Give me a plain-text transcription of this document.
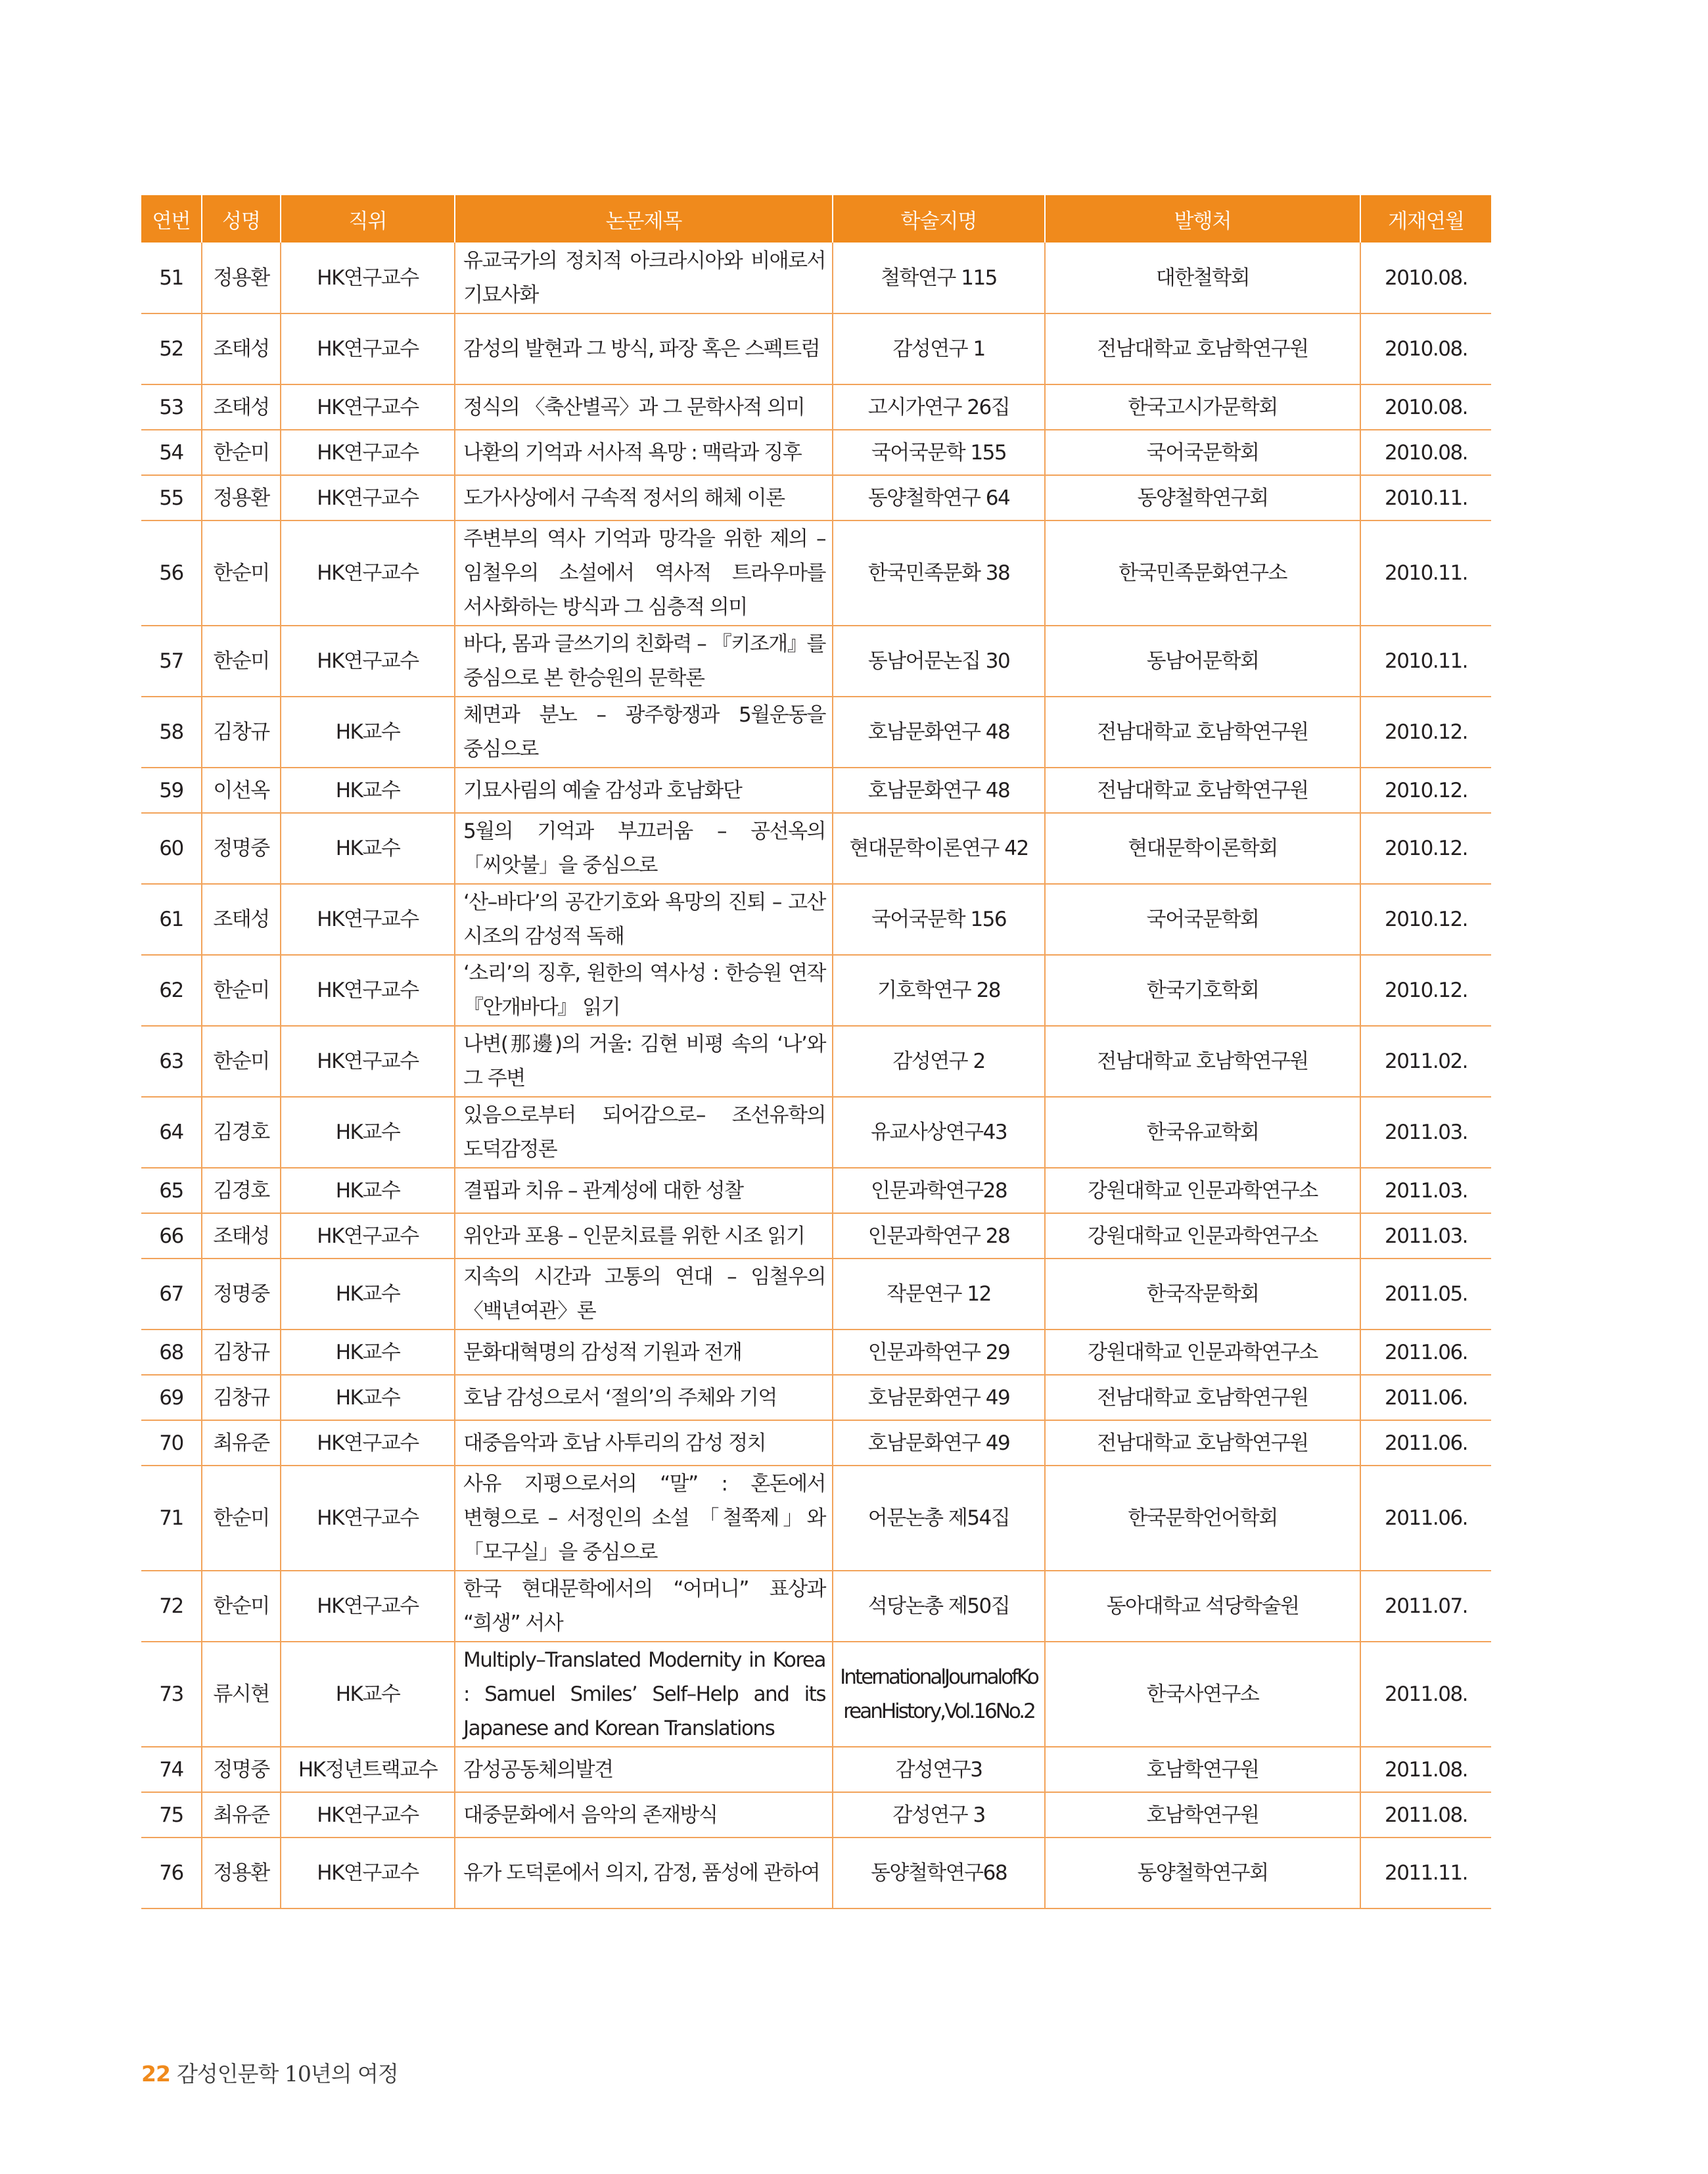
연번	성명	직위	논문제목	학술지명	발행처	게재연월
51	정용환	HK연구교수	유교국가의 정치적 아크라시아와 비애로서 기묘사화	철학연구 115	대한철학회	2010.08.
52	조태성	HK연구교수	감성의 발현과 그 방식, 파장 혹은 스펙트럼	감성연구 1	전남대학교 호남학연구원	2010.08.
53	조태성	HK연구교수	정식의 〈축산별곡〉과 그 문학사적 의미	고시가연구 26집	한국고시가문학회	2010.08.
54	한순미	HK연구교수	나환의 기억과 서사적 욕망 : 맥락과 징후	국어국문학 155	국어국문학회	2010.08.
55	정용환	HK연구교수	도가사상에서 구속적 정서의 해체 이론	동양철학연구 64	동양철학연구회	2010.11.
56	한순미	HK연구교수	주변부의 역사 기억과 망각을 위한 제의 – 임철우의 소설에서 역사적 트라우마를 서사화하는 방식과 그 심층적 의미	한국민족문화 38	한국민족문화연구소	2010.11.
57	한순미	HK연구교수	바다, 몸과 글쓰기의 친화력 – 『키조개』를 중심으로 본 한승원의 문학론	동남어문논집 30	동남어문학회	2010.11.
58	김창규	HK교수	체면과 분노 – 광주항쟁과 5월운동을 중심으로	호남문화연구 48	전남대학교 호남학연구원	2010.12.
59	이선옥	HK교수	기묘사림의 예술 감성과 호남화단	호남문화연구 48	전남대학교 호남학연구원	2010.12.
60	정명중	HK교수	5월의 기억과 부끄러움 – 공선옥의 「씨앗불」을 중심으로	현대문학이론연구 42	현대문학이론학회	2010.12.
61	조태성	HK연구교수	‘산–바다’의 공간기호와 욕망의 진퇴 – 고산 시조의 감성적 독해	국어국문학 156	국어국문학회	2010.12.
62	한순미	HK연구교수	‘소리’의 징후, 원한의 역사성 : 한승원 연작 『안개바다』 읽기	기호학연구 28	한국기호학회	2010.12.
63	한순미	HK연구교수	나변(那邊)의 거울: 김현 비평 속의 ‘나’와 그 주변	감성연구 2	전남대학교 호남학연구원	2011.02.
64	김경호	HK교수	있음으로부터 되어감으로– 조선유학의 도덕감정론	유교사상연구43	한국유교학회	2011.03.
65	김경호	HK교수	결핍과 치유 – 관계성에 대한 성찰	인문과학연구28	강원대학교 인문과학연구소	2011.03.
66	조태성	HK연구교수	위안과 포용 – 인문치료를 위한 시조 읽기	인문과학연구 28	강원대학교 인문과학연구소	2011.03.
67	정명중	HK교수	지속의 시간과 고통의 연대 – 임철우의 〈백년여관〉론	작문연구 12	한국작문학회	2011.05.
68	김창규	HK교수	문화대혁명의 감성적 기원과 전개	인문과학연구 29	강원대학교 인문과학연구소	2011.06.
69	김창규	HK교수	호남 감성으로서 ‘절의’의 주체와 기억	호남문화연구 49	전남대학교 호남학연구원	2011.06.
70	최유준	HK연구교수	대중음악과 호남 사투리의 감성 정치	호남문화연구 49	전남대학교 호남학연구원	2011.06.
71	한순미	HK연구교수	사유 지평으로서의 “말” : 혼돈에서 변형으로 – 서정인의 소설 「철쭉제」와 「모구실」을 중심으로	어문논총 제54집	한국문학언어학회	2011.06.
72	한순미	HK연구교수	한국 현대문학에서의 “어머니” 표상과 “희생” 서사	석당논총 제50집	동아대학교 석당학술원	2011.07.
73	류시현	HK교수	Multiply–Translated Modernity in Korea : Samuel Smiles’ Self–Help and its Japanese and Korean Translations	InternationalJournalofKoreanHistory,Vol.16No.2	한국사연구소	2011.08.
74	정명중	HK정년트랙교수	감성공동체의발견	감성연구3	호남학연구원	2011.08.
75	최유준	HK연구교수	대중문화에서 음악의 존재방식	감성연구 3	호남학연구원	2011.08.
76	정용환	HK연구교수	유가 도덕론에서 의지, 감정, 품성에 관하여	동양철학연구68	동양철학연구회	2011.11.
22 감성인문학 10년의 여정
